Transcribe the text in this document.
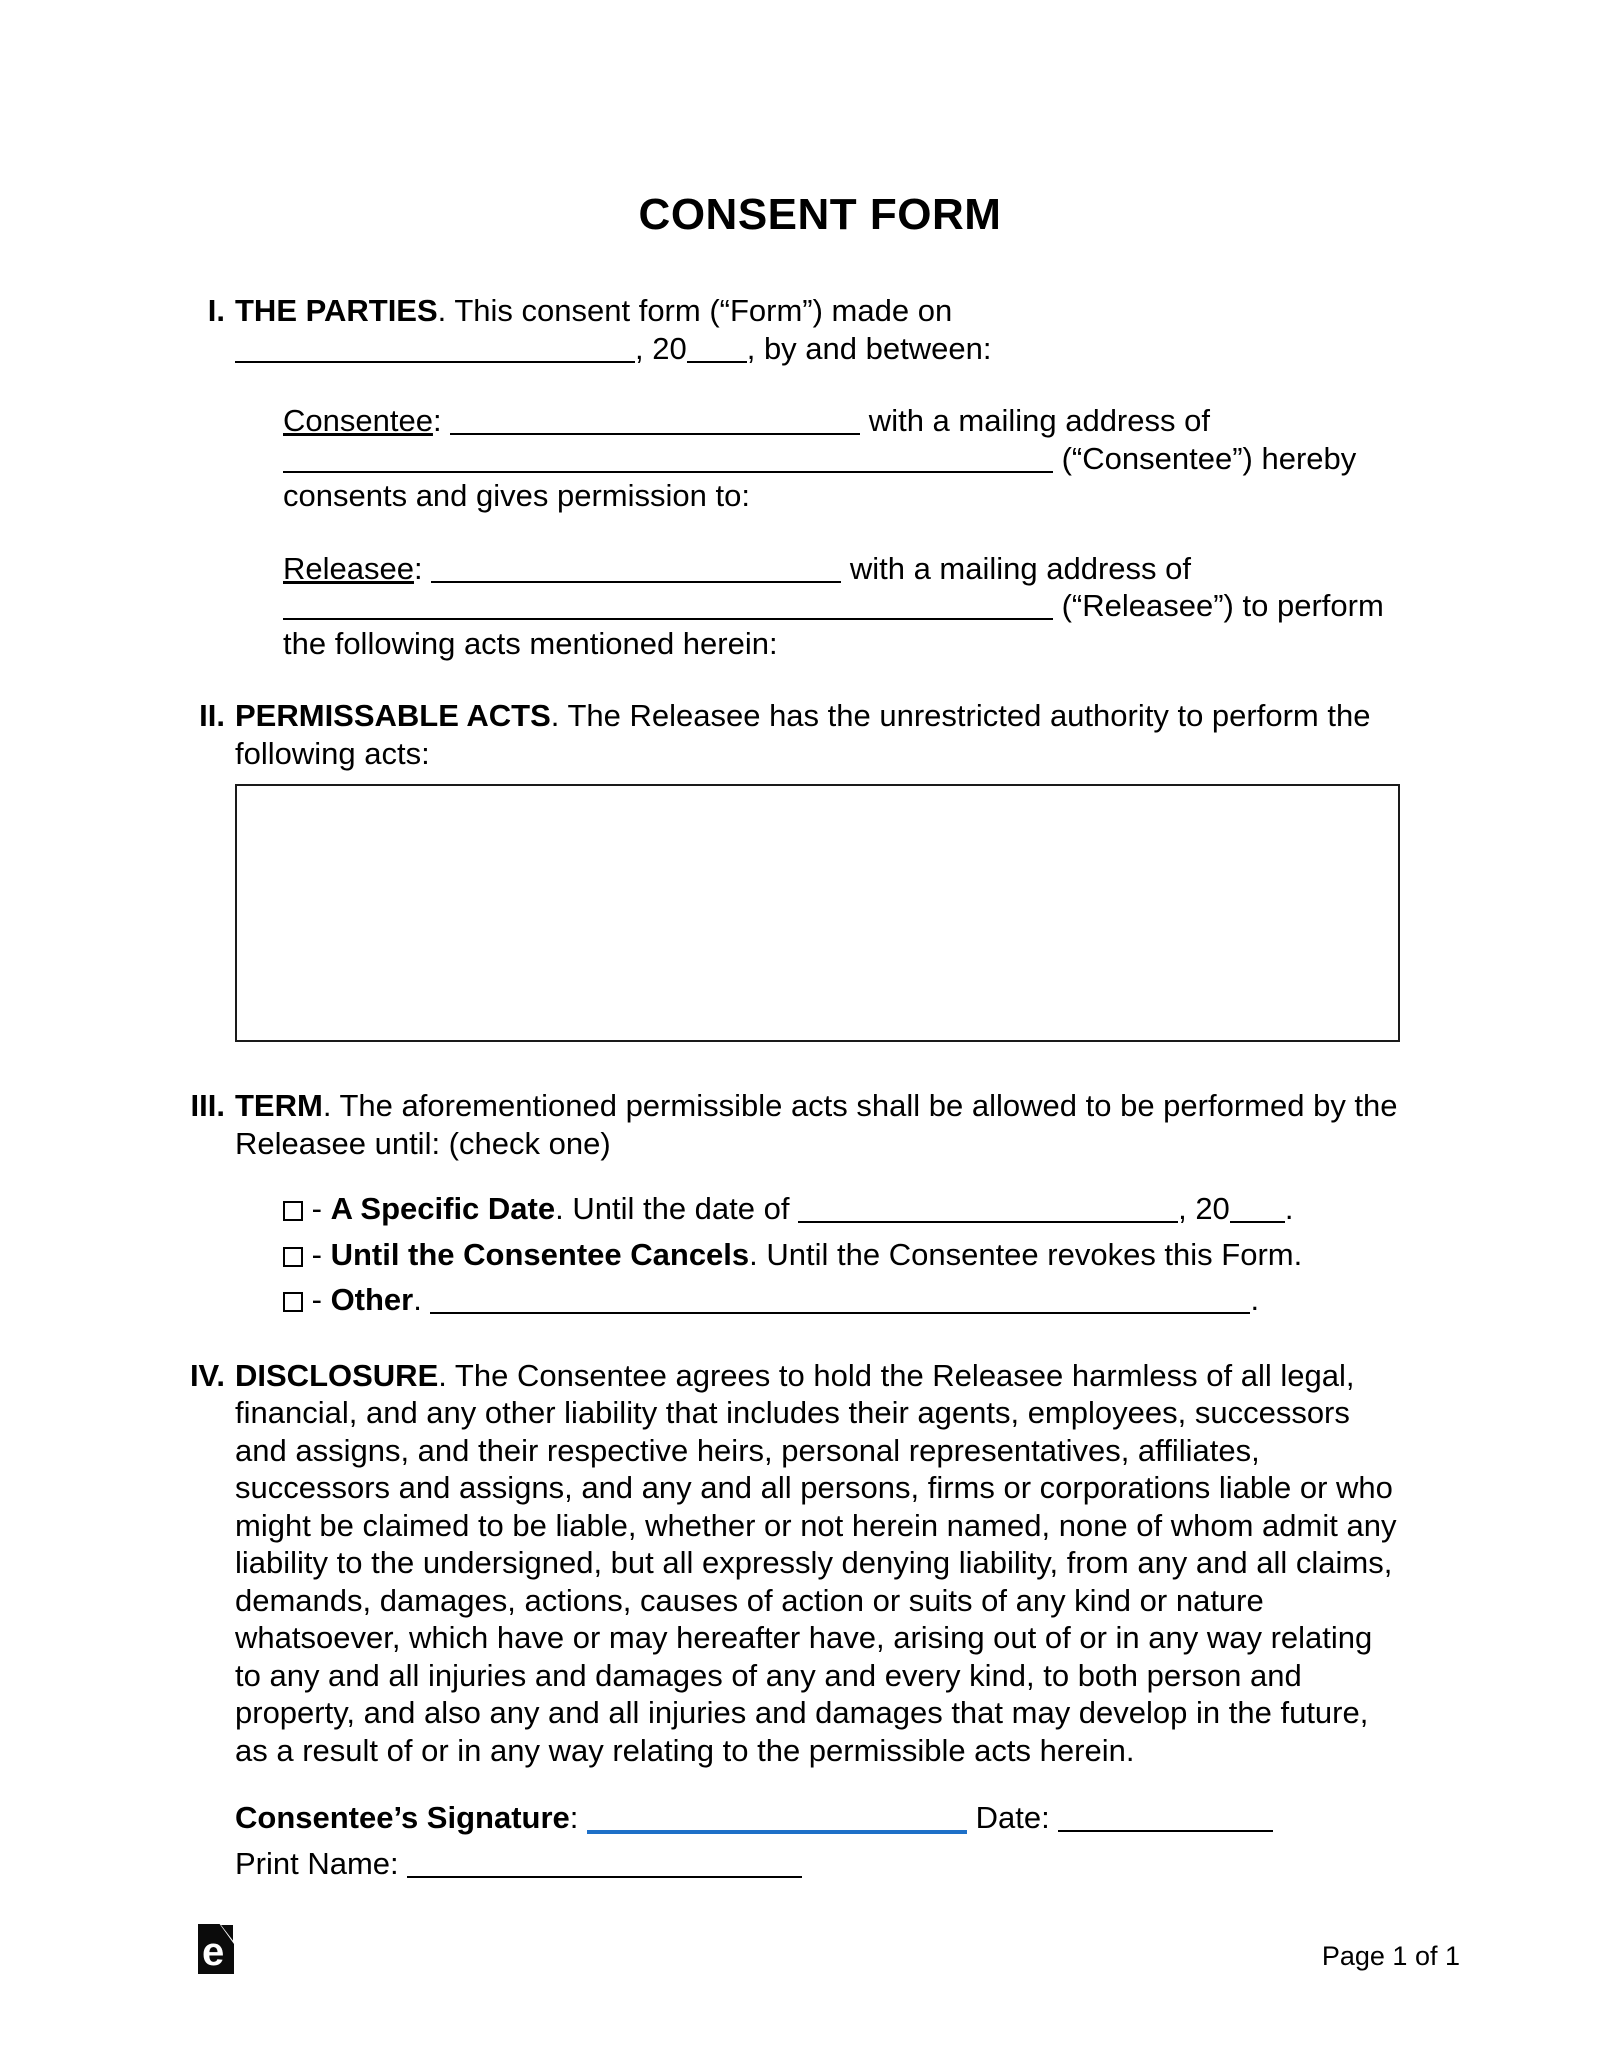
CONSENT FORM
I. THE PARTIES. This consent form (“Form”) made on , 20 , by and between:

Consentee:	with a mailing address of  (“Consentee”) hereby consents and gives permission to:

Releasee:	with a mailing address of  (“Releasee”) to perform the following acts mentioned herein:

II. PERMISSABLE ACTS. The Releasee has the unrestricted authority to perform the following acts:

III. TERM. The aforementioned permissible acts shall be allowed to be performed by the Releasee until: (check one)

- A Specific Date. Until the date of	, 20 .

- Until the Consentee Cancels. Until the Consentee revokes this Form.

- Other.	.

IV. DISCLOSURE. The Consentee agrees to hold the Releasee harmless of all legal, financial, and any other liability that includes their agents, employees, successors and assigns, and their respective heirs, personal representatives, affiliates, successors and assigns, and any and all persons, firms or corporations liable or who might be claimed to be liable, whether or not herein named, none of whom admit any liability to the undersigned, but all expressly denying liability, from any and all claims, demands, damages, actions, causes of action or suits of any kind or nature whatsoever, which have or may hereafter have, arising out of or in any way relating to any and all injuries and damages of any and every kind, to both person and property, and also any and all injuries and damages that may develop in the future, as a result of or in any way relating to the permissible acts herein.

Consentee’s Signature:	Date:

Print Name:

e	Page 1 of 1
